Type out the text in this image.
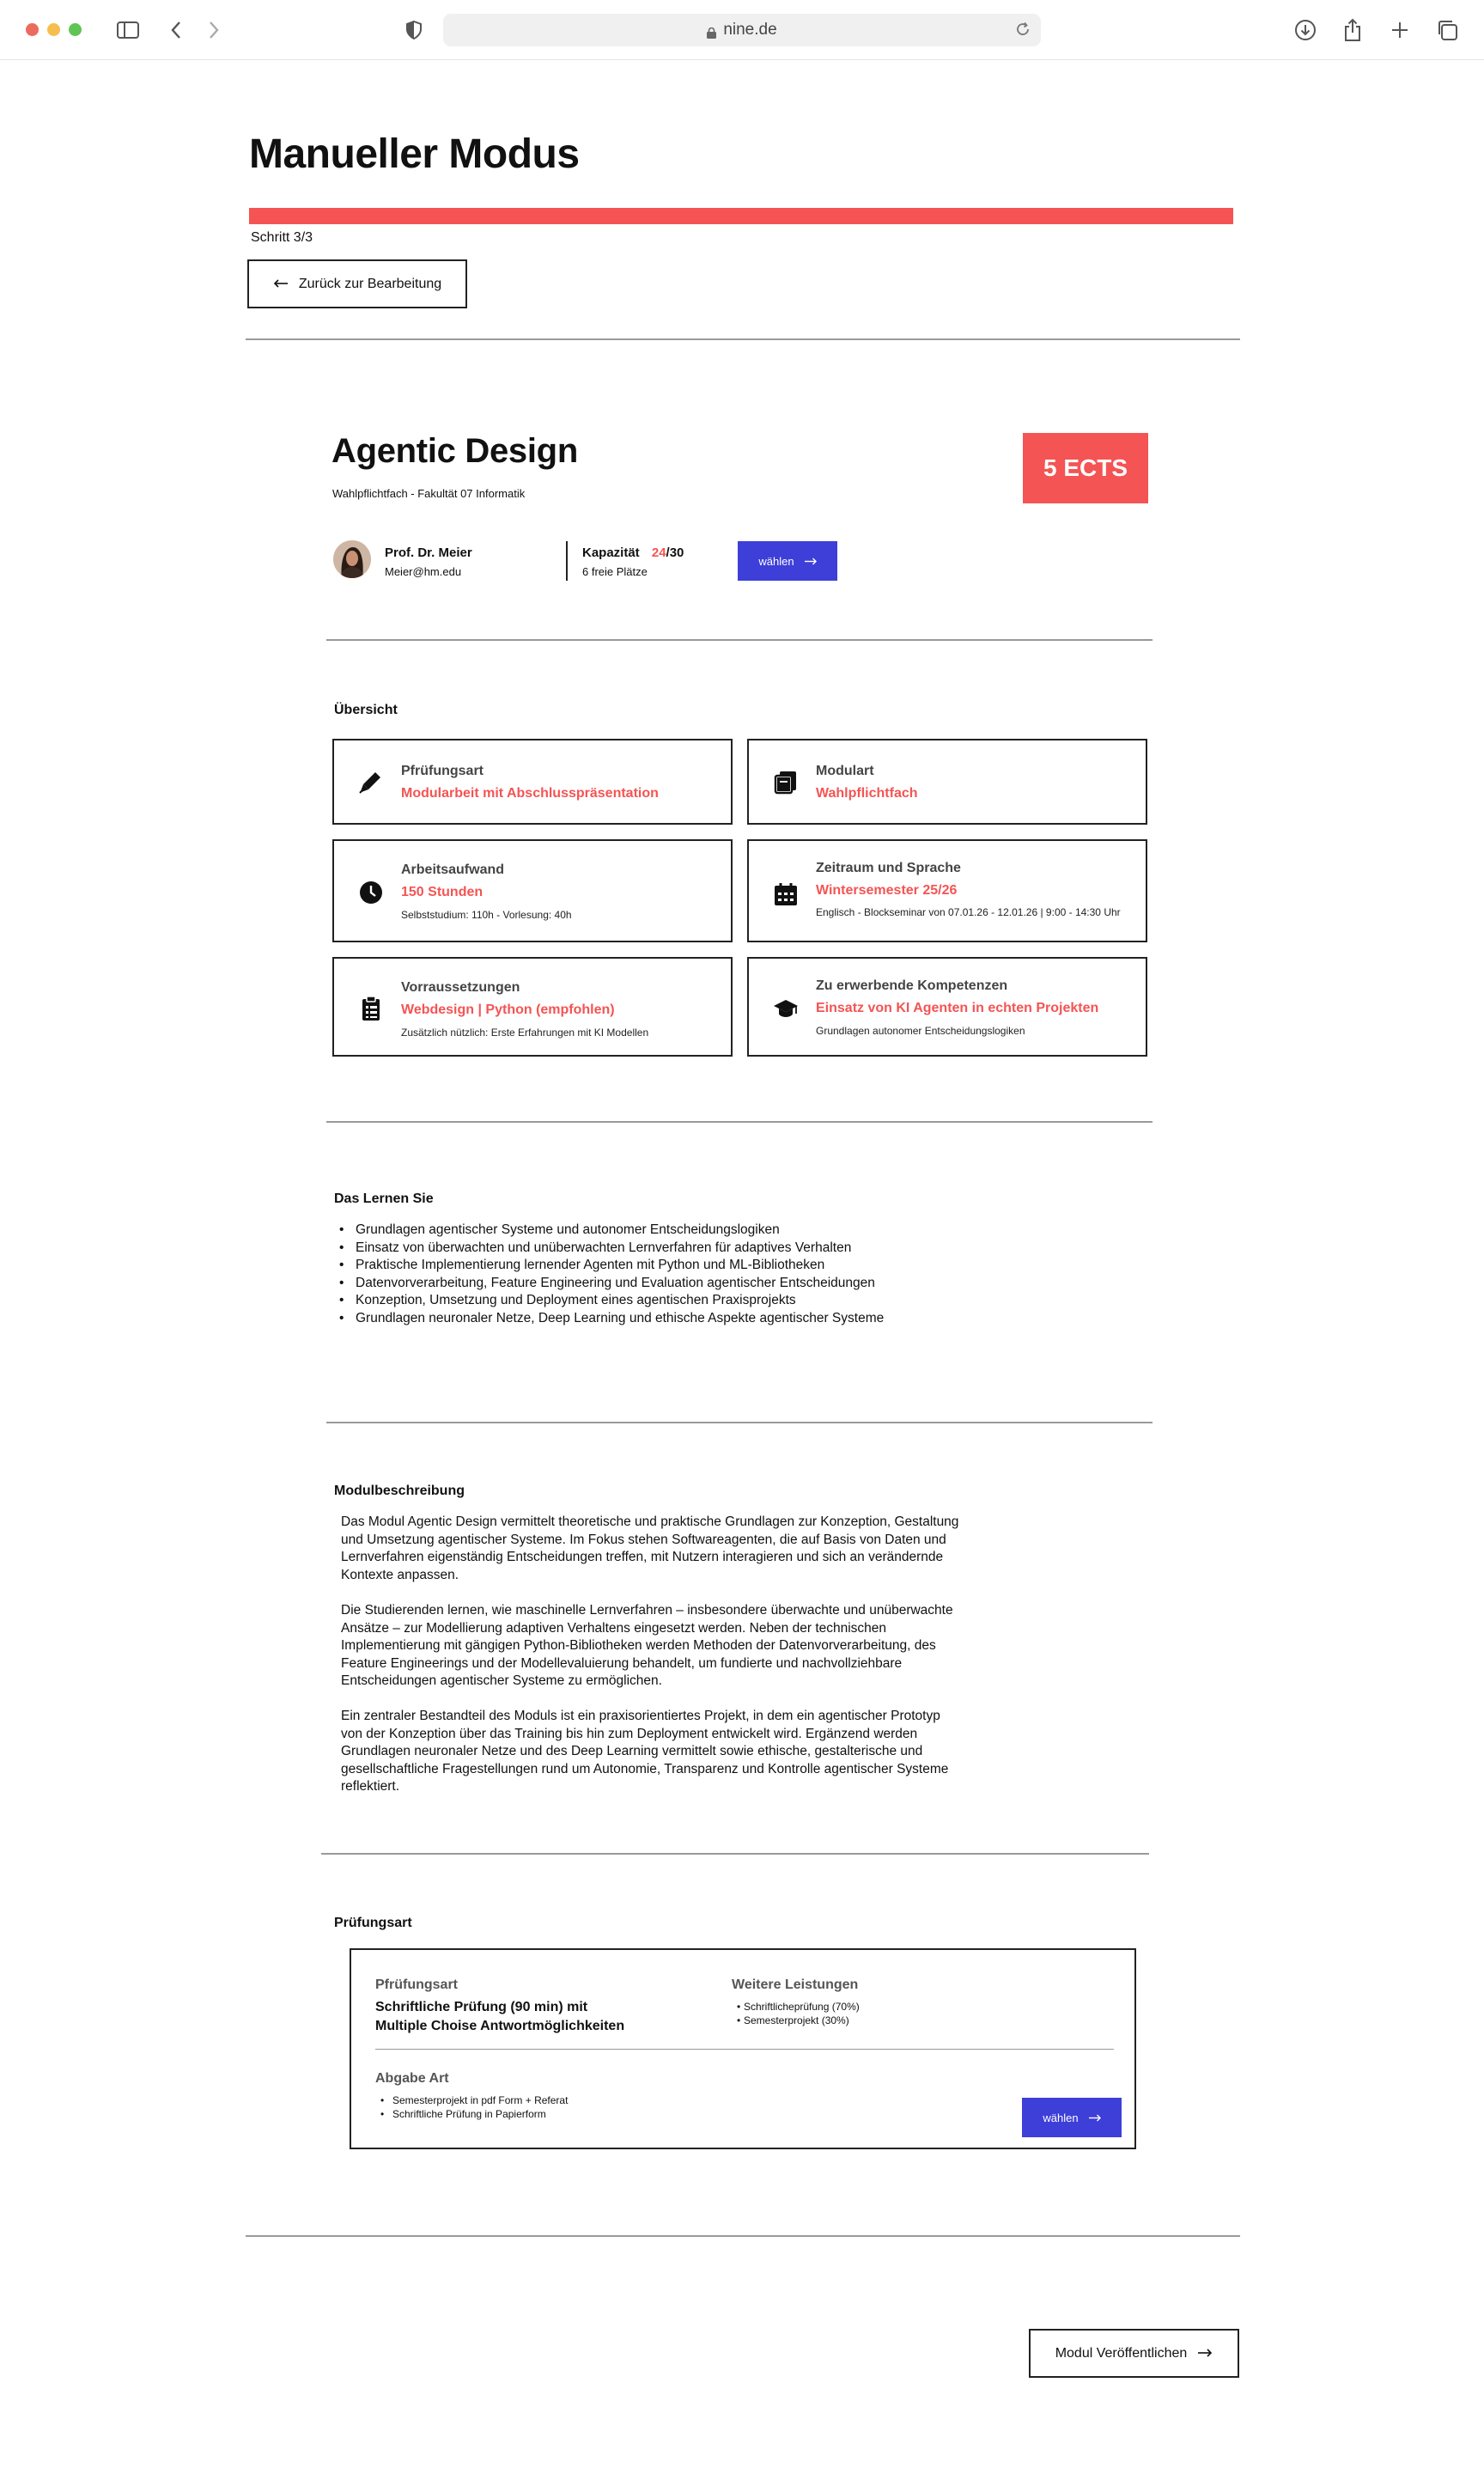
nine.de
Manueller Modus
Schritt 3/3
Zurück zur Bearbeitung
Agentic Design
Wahlpflichtfach - Fakultät 07 Informatik
5 ECTS
Prof. Dr. Meier
Meier@hm.edu
Kapazität 24/30
6 freie Plätze
wählen
Übersicht
Pfrüfungsart
Modularbeit mit Abschlusspräsentation
Modulart
Wahlpflichtfach
Arbeitsaufwand
150 Stunden
Selbststudium: 110h - Vorlesung: 40h
Zeitraum und Sprache
Wintersemester 25/26
Englisch - Blockseminar von 07.01.26 - 12.01.26 | 9:00 - 14:30 Uhr
Vorraussetzungen
Webdesign | Python (empfohlen)
Zusätzlich nützlich: Erste Erfahrungen mit KI Modellen
Zu erwerbende Kompetenzen
Einsatz von KI Agenten in echten Projekten
Grundlagen autonomer Entscheidungslogiken
Das Lernen Sie
• Grundlagen agentischer Systeme und autonomer Entscheidungslogiken
• Einsatz von überwachten und unüberwachten Lernverfahren für adaptives Verhalten
• Praktische Implementierung lernender Agenten mit Python und ML-Bibliotheken
• Datenvorverarbeitung, Feature Engineering und Evaluation agentischer Entscheidungen
• Konzeption, Umsetzung und Deployment eines agentischen Praxisprojekts
• Grundlagen neuronaler Netze, Deep Learning und ethische Aspekte agentischer Systeme
Modulbeschreibung

Das Modul Agentic Design vermittelt theoretische und praktische Grundlagen zur Konzeption, Gestaltung und Umsetzung agentischer Systeme. Im Fokus stehen Softwareagenten, die auf Basis von Daten und Lernverfahren eigenständig Entscheidungen treffen, mit Nutzern interagieren und sich an verändernde Kontexte anpassen.

Die Studierenden lernen, wie maschinelle Lernverfahren – insbesondere überwachte und unüberwachte Ansätze – zur Modellierung adaptiven Verhaltens eingesetzt werden. Neben der technischen Implementierung mit gängigen Python-Bibliotheken werden Methoden der Datenvorverarbeitung, des Feature Engineerings und der Modellevaluierung behandelt, um fundierte und nachvollziehbare Entscheidungen agentischer Systeme zu ermöglichen.

Ein zentraler Bestandteil des Moduls ist ein praxisorientiertes Projekt, in dem ein agentischer Prototyp von der Konzeption über das Training bis hin zum Deployment entwickelt wird. Ergänzend werden Grundlagen neuronaler Netze und des Deep Learning vermittelt sowie ethische, gestalterische und gesellschaftliche Fragestellungen rund um Autonomie, Transparenz und Kontrolle agentischer Systeme reflektiert.

Prüfungsart
Pfrüfungsart
Schriftliche Prüfung (90 min) mit
Multiple Choise Antwortmöglichkeiten
Weitere Leistungen
• Schriftlicheprüfung (70%)
• Semesterprojekt (30%)
Abgabe Art
• Semesterprojekt in pdf Form + Referat
• Schriftliche Prüfung in Papierform	wählen
Modul Veröffentlichen
